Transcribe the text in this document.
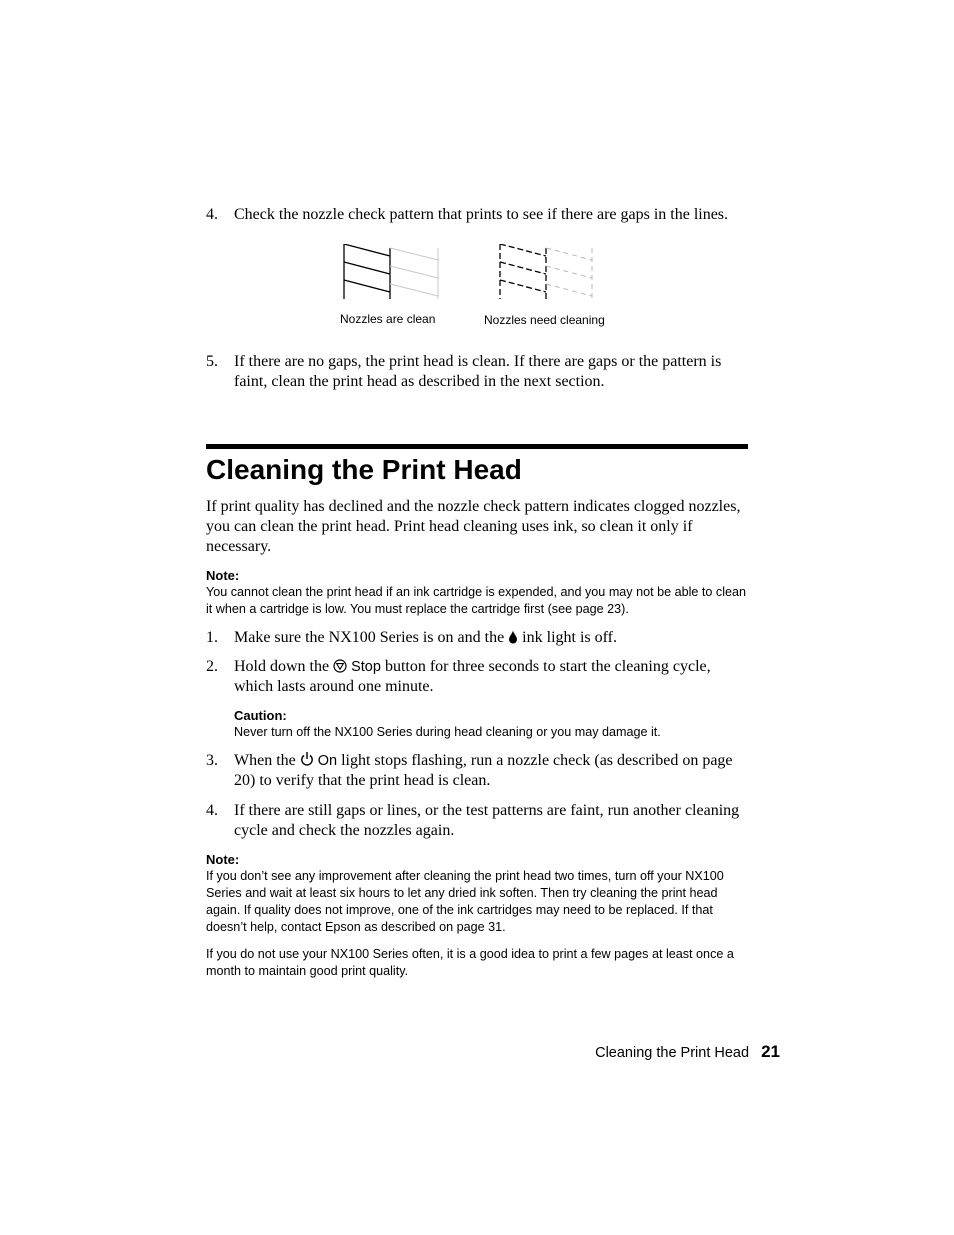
4. Check the nozzle check pattern that prints to see if there are gaps in the lines.
Nozzles are clean	Nozzles need cleaning
5. If there are no gaps, the print head is clean. If there are gaps or the pattern is faint, clean the print head as described in the next section.
Cleaning the Print Head
If print quality has declined and the nozzle check pattern indicates clogged nozzles, you can clean the print head. Print head cleaning uses ink, so clean it only if necessary.
Note:
You cannot clean the print head if an ink cartridge is expended, and you may not be able to clean it when a cartridge is low. You must replace the cartridge first (see page 23).
1. Make sure the NX100 Series is on and the ink light is off.
2. Hold down the Stop button for three seconds to start the cleaning cycle, which lasts around one minute.
Caution:
Never turn off the NX100 Series during head cleaning or you may damage it.
3. When the On light stops flashing, run a nozzle check (as described on page 20) to verify that the print head is clean.
4. If there are still gaps or lines, or the test patterns are faint, run another cleaning cycle and check the nozzles again.
Note:
If you don’t see any improvement after cleaning the print head two times, turn off your NX100 Series and wait at least six hours to let any dried ink soften. Then try cleaning the print head again. If quality does not improve, one of the ink cartridges may need to be replaced. If that doesn’t help, contact Epson as described on page 31.
If you do not use your NX100 Series often, it is a good idea to print a few pages at least once a month to maintain good print quality.
Cleaning the Print Head 21
